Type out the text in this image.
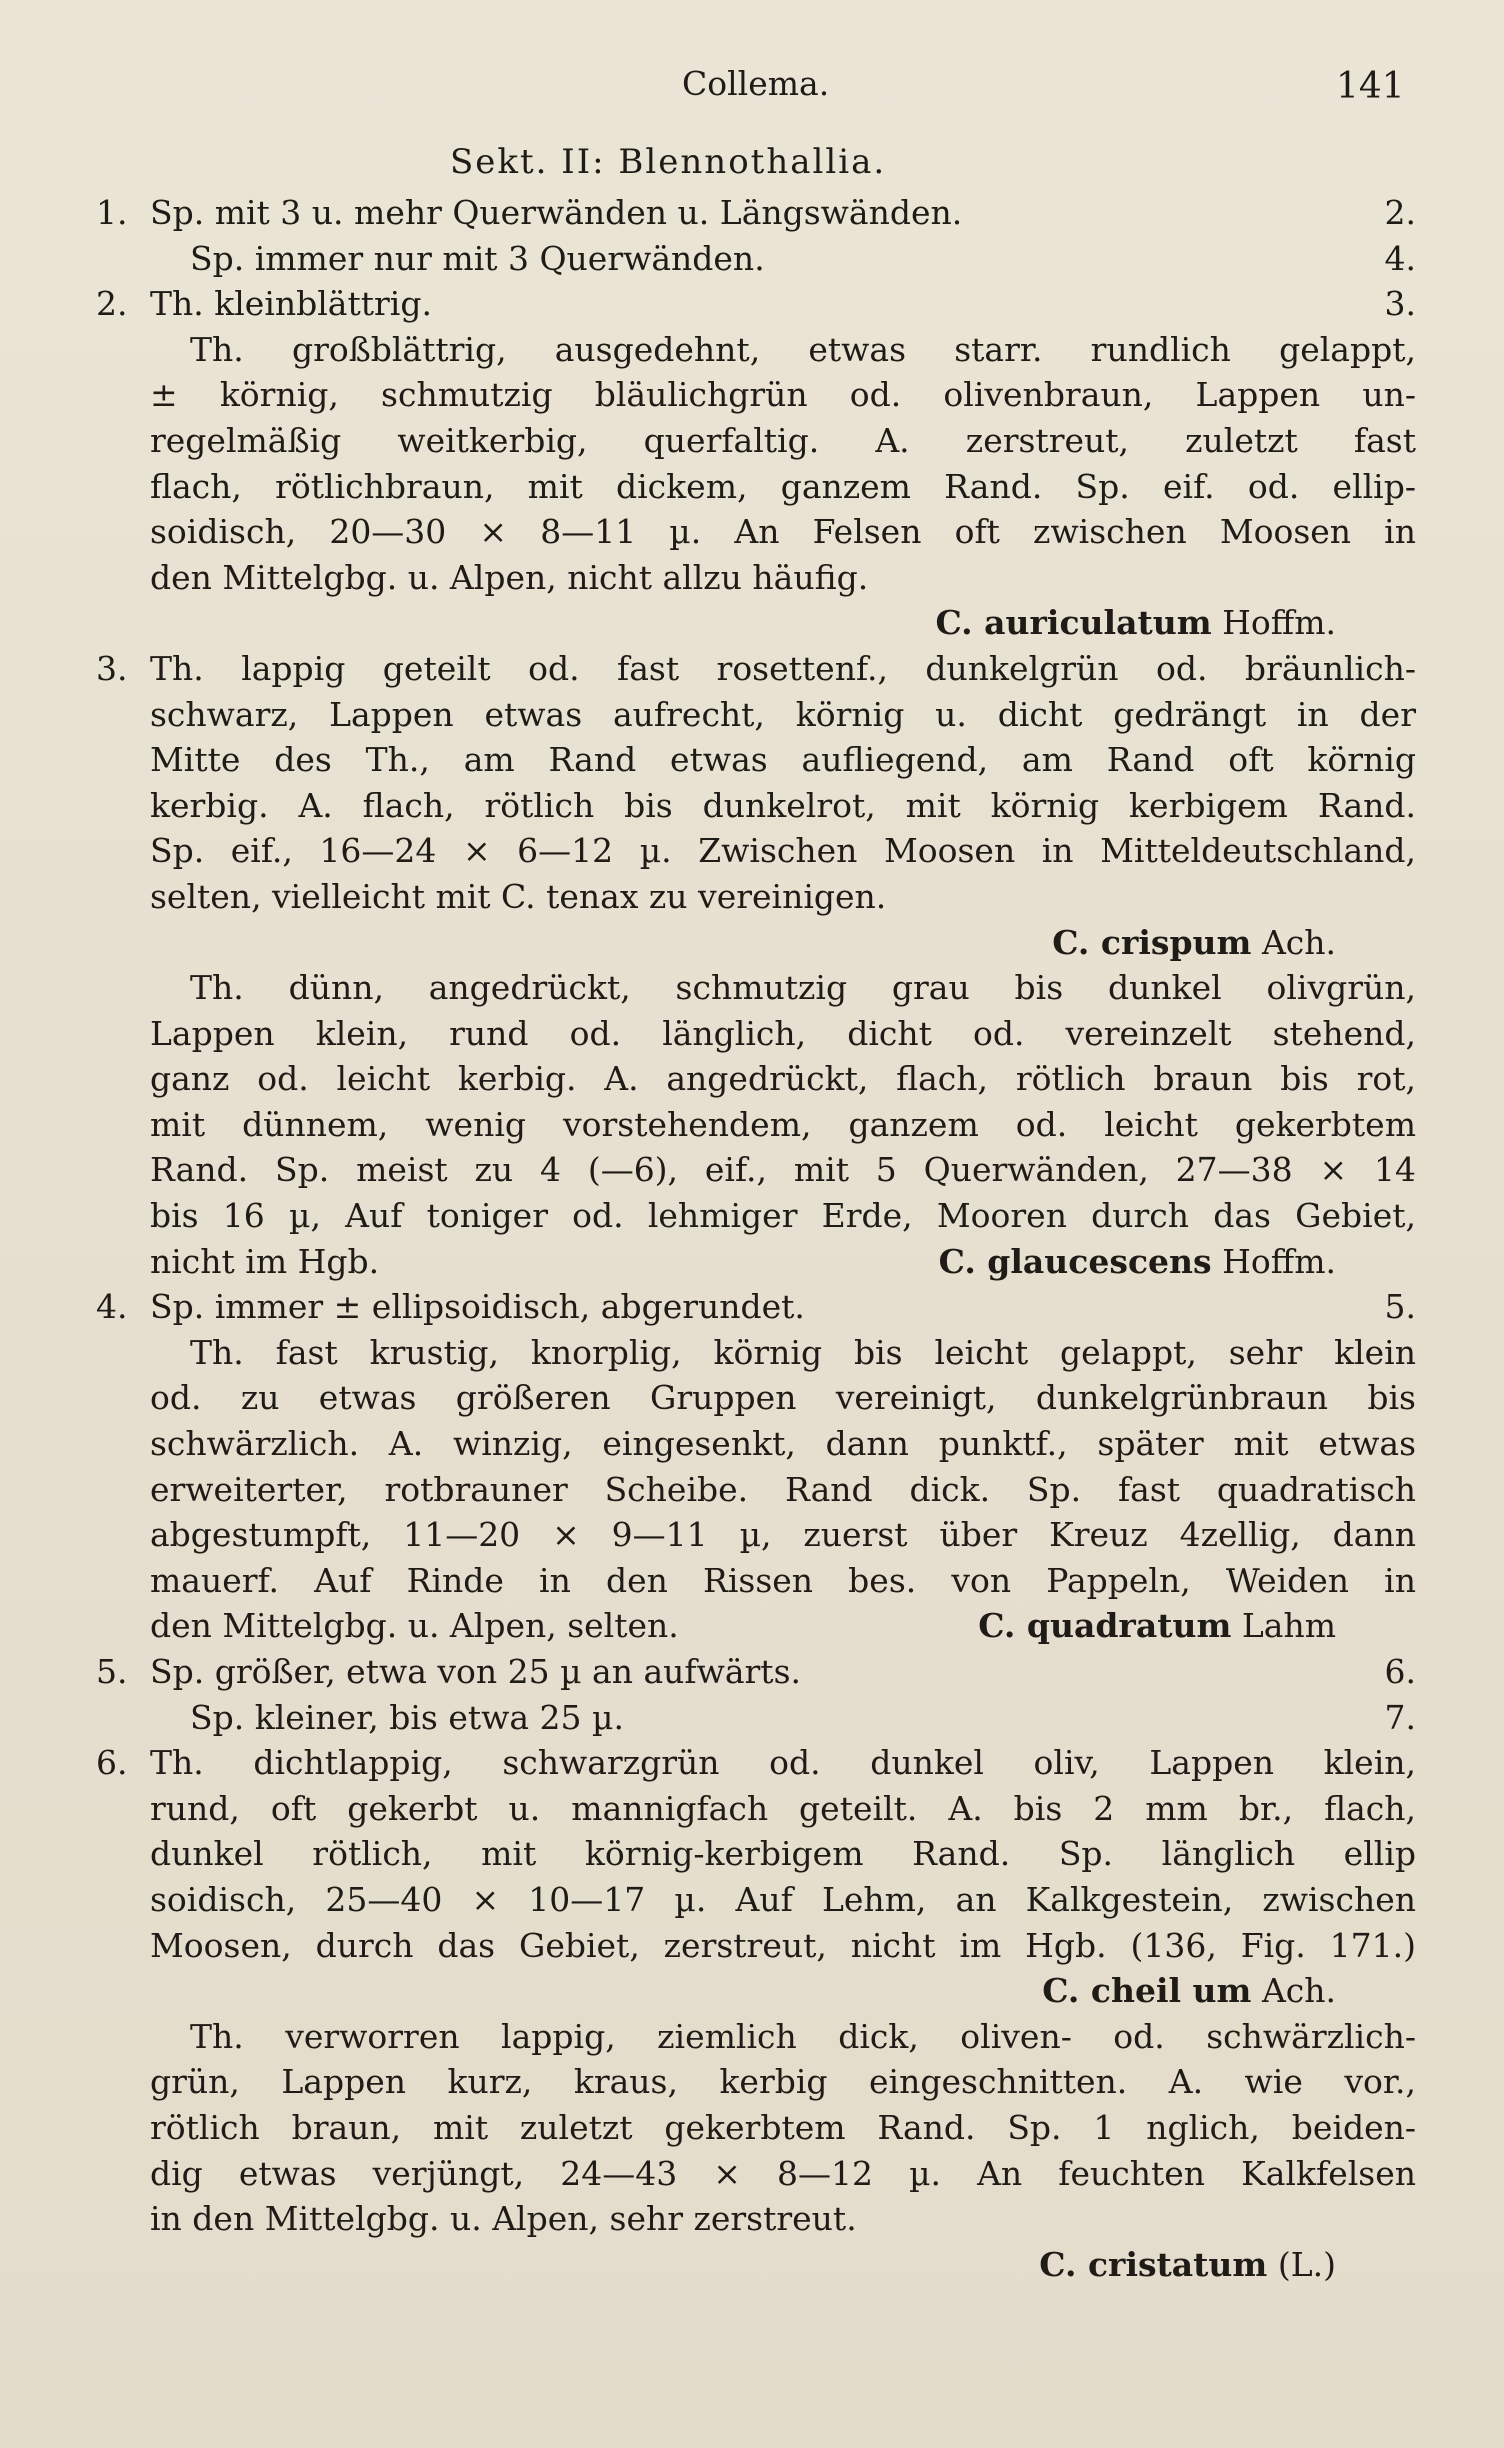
Collema.	141
Sekt. II: Blennothallia.
1. Sp. mit 3 u. mehr Querwänden u. Längswänden.	2.
Sp. immer nur mit 3 Querwänden.	4.
2. Th. kleinblättrig.	3.
Th. großblättrig, ausgedehnt, etwas starr. rundlich gelappt,
± körnig, schmutzig bläulichgrün od. olivenbraun, Lappen un-
regelmäßig weitkerbig, querfaltig. A. zerstreut, zuletzt fast
flach, rötlichbraun, mit dickem, ganzem Rand. Sp. eif. od. ellip-
soidisch, 20—30 × 8—11 µ. An Felsen oft zwischen Moosen in
den Mittelgbg. u. Alpen, nicht allzu häufig.
C. auriculatum Hoffm.
3. Th. lappig geteilt od. fast rosettenf., dunkelgrün od. bräunlich-
schwarz, Lappen etwas aufrecht, körnig u. dicht gedrängt in der
Mitte des Th., am Rand etwas aufliegend, am Rand oft körnig
kerbig. A. flach, rötlich bis dunkelrot, mit körnig kerbigem Rand.
Sp. eif., 16—24 × 6—12 µ. Zwischen Moosen in Mitteldeutschland,
selten, vielleicht mit C. tenax zu vereinigen.
C. crispum Ach.
Th. dünn, angedrückt, schmutzig grau bis dunkel olivgrün,
Lappen klein, rund od. länglich, dicht od. vereinzelt stehend,
ganz od. leicht kerbig. A. angedrückt, flach, rötlich braun bis rot,
mit dünnem, wenig vorstehendem, ganzem od. leicht gekerbtem
Rand. Sp. meist zu 4 (—6), eif., mit 5 Querwänden, 27—38 × 14
bis 16 µ, Auf toniger od. lehmiger Erde, Mooren durch das Gebiet,
nicht im Hgb.	C. glaucescens Hoffm.
4. Sp. immer ± ellipsoidisch, abgerundet.	5.
Th. fast krustig, knorplig, körnig bis leicht gelappt, sehr klein
od. zu etwas größeren Gruppen vereinigt, dunkelgrünbraun bis
schwärzlich. A. winzig, eingesenkt, dann punktf., später mit etwas
erweiterter, rotbrauner Scheibe. Rand dick. Sp. fast quadratisch
abgestumpft, 11—20 × 9—11 µ, zuerst über Kreuz 4zellig, dann
mauerf. Auf Rinde in den Rissen bes. von Pappeln, Weiden in
den Mittelgbg. u. Alpen, selten.	C. quadratum Lahm
5. Sp. größer, etwa von 25 µ an aufwärts.	6.
Sp. kleiner, bis etwa 25 µ.	7.
6. Th. dichtlappig, schwarzgrün od. dunkel oliv, Lappen klein,
rund, oft gekerbt u. mannigfach geteilt. A. bis 2 mm br., flach,
dunkel rötlich, mit körnig-kerbigem Rand. Sp. länglich ellip
soidisch, 25—40 × 10—17 µ. Auf Lehm, an Kalkgestein, zwischen
Moosen, durch das Gebiet, zerstreut, nicht im Hgb. (136, Fig. 171.)
C. cheil um Ach.
Th. verworren lappig, ziemlich dick, oliven- od. schwärzlich-
grün, Lappen kurz, kraus, kerbig eingeschnitten. A. wie vor.,
rötlich braun, mit zuletzt gekerbtem Rand. Sp. 1 nglich, beiden-
dig etwas verjüngt, 24—43 × 8—12 µ. An feuchten Kalkfelsen
in den Mittelgbg. u. Alpen, sehr zerstreut.
C. cristatum (L.)
